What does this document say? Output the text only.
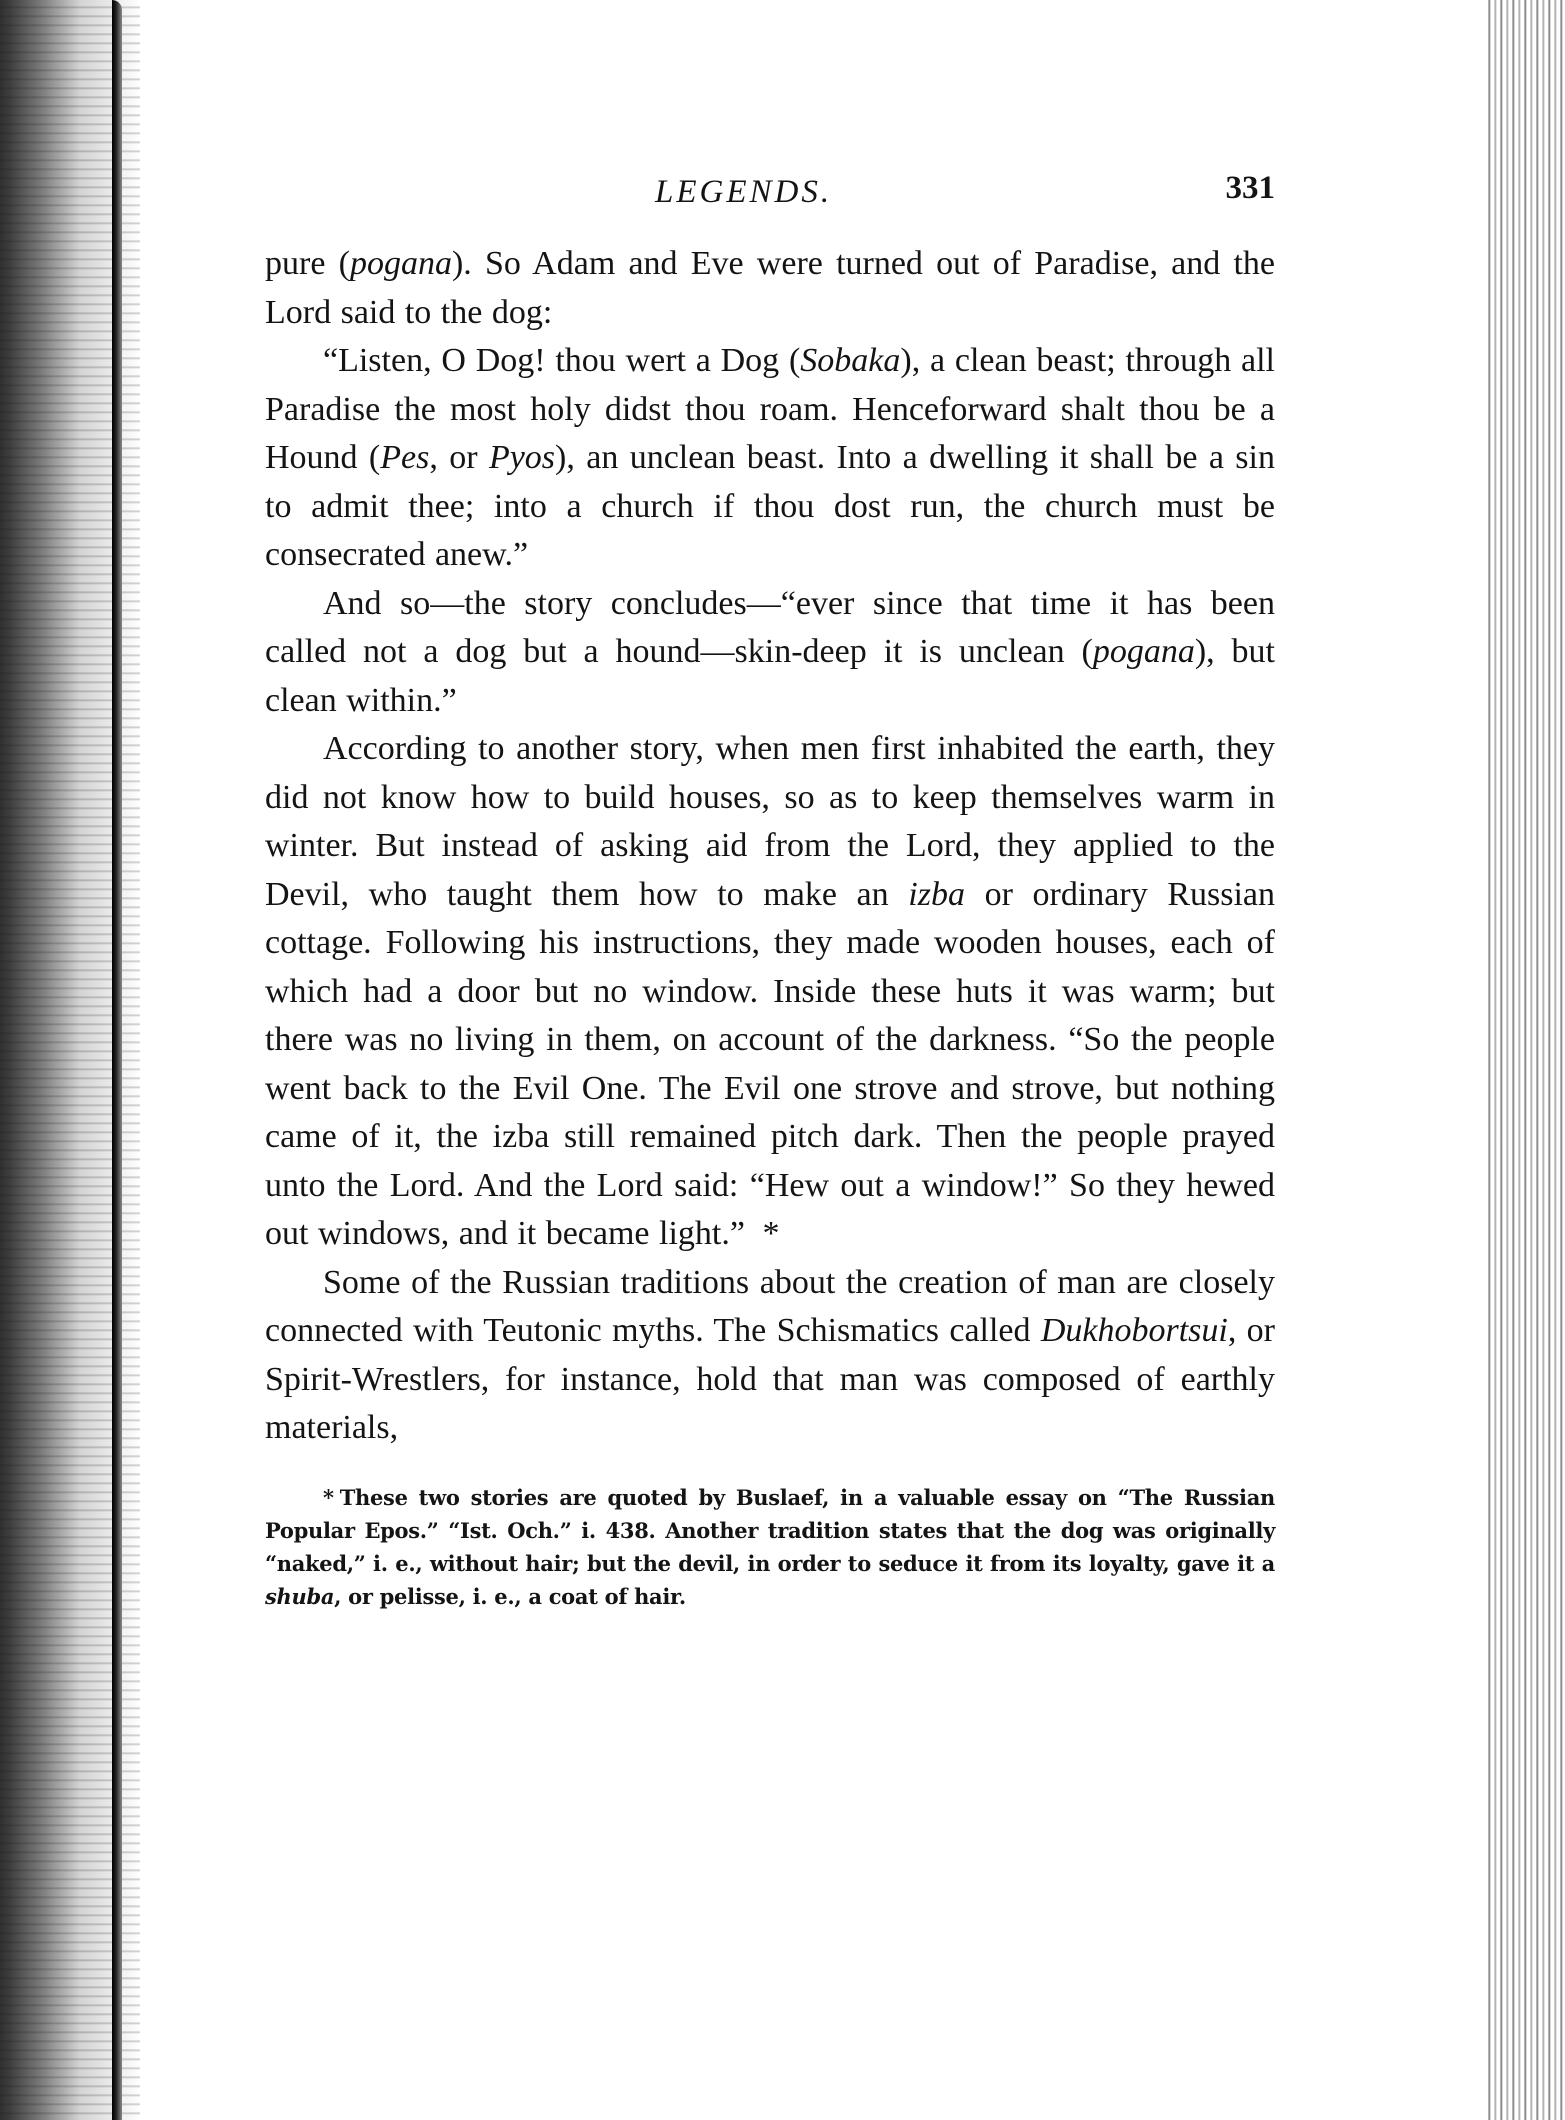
LEGENDS.	331

pure (pogana). So Adam and Eve were turned out of Paradise, and the Lord said to the dog:

“Listen, O Dog! thou wert a Dog (Sobaka), a clean beast; through all Paradise the most holy didst thou roam. Henceforward shalt thou be a Hound (Pes, or Pyos), an unclean beast. Into a dwelling it shall be a sin to admit thee; into a church if thou dost run, the church must be consecrated anew.”

And so—the story concludes—“ever since that time it has been called not a dog but a hound—skin-deep it is unclean (pogana), but clean within.”

According to another story, when men first inhabited the earth, they did not know how to build houses, so as to keep themselves warm in winter. But instead of asking aid from the Lord, they applied to the Devil, who taught them how to make an izba or ordinary Russian cottage. Following his instructions, they made wooden houses, each of which had a door but no window. Inside these huts it was warm; but there was no living in them, on account of the darkness. “So the people went back to the Evil One. The Evil one strove and strove, but nothing came of it, the izba still remained pitch dark. Then the people prayed unto the Lord. And the Lord said: “Hew out a window!” So they hewed out windows, and it became light.” *

Some of the Russian traditions about the creation of man are closely connected with Teutonic myths. The Schismatics called Dukhobortsui, or Spirit-Wrestlers, for instance, hold that man was composed of earthly materials,

* These two stories are quoted by Buslaef, in a valuable essay on “The Russian Popular Epos.” “Ist. Och.” i. 438. Another tradition states that the dog was originally “naked,” i. e., without hair; but the devil, in order to seduce it from its loyalty, gave it a shuba, or pelisse, i. e., a coat of hair.
